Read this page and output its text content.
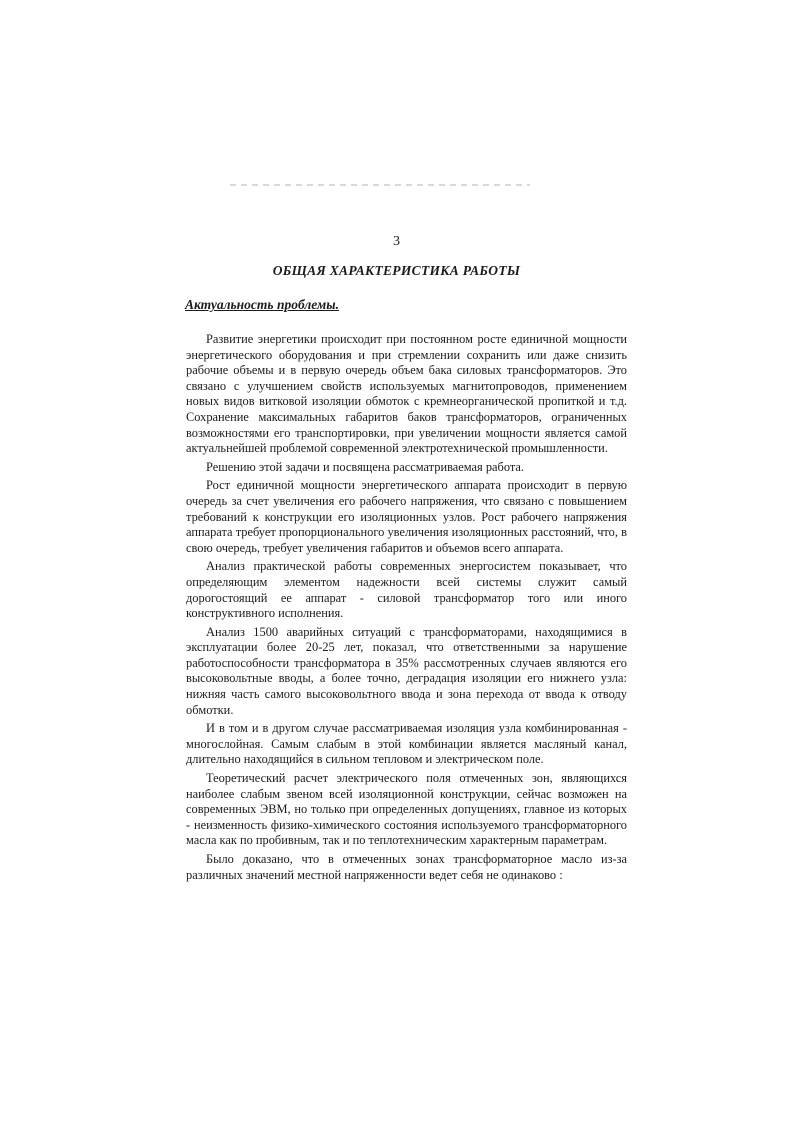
3
ОБЩАЯ ХАРАКТЕРИСТИКА РАБОТЫ
Актуальность проблемы.

Развитие энергетики происходит при постоянном росте единичной мощности энергетического оборудования и при стремлении сохранить или даже снизить рабочие объемы и в первую очередь объем бака силовых трансформаторов. Это связано с улучшением свойств используемых магнитопроводов, применением новых видов витковой изоляции обмоток с кремнеорганической пропиткой и т.д. Сохранение максимальных габаритов баков трансформаторов, ограниченных возможностями его транспортировки, при увеличении мощности является самой актуальнейшей проблемой современной электротехнической промышленности.

Решению этой задачи и посвящена рассматриваемая работа.

Рост единичной мощности энергетического аппарата происходит в первую очередь за счет увеличения его рабочего напряжения, что связано с повышением требований к конструкции его изоляционных узлов. Рост рабочего напряжения аппарата требует пропорционального увеличения изоляционных расстояний, что, в свою очередь, требует увеличения габаритов и объемов всего аппарата.

Анализ практической работы современных энергосистем показывает, что определяющим элементом надежности всей системы служит самый дорогостоящий ее аппарат - силовой трансформатор того или иного конструктивного исполнения.

Анализ 1500 аварийных ситуаций с трансформаторами, находящимися в эксплуатации более 20-25 лет, показал, что ответственными за нарушение работоспособности трансформатора в 35% рассмотренных случаев являются его высоковольтные вводы, а более точно, деградация изоляции его нижнего узла: нижняя часть самого высоковольтного ввода и зона перехода от ввода к отводу обмотки.

И в том и в другом случае рассматриваемая изоляция узла комбинированная - многослойная. Самым слабым в этой комбинации является масляный канал, длительно находящийся в сильном тепловом и электрическом поле.

Теоретический расчет электрического поля отмеченных зон, являющихся наиболее слабым звеном всей изоляционной конструкции, сейчас возможен на современных ЭВМ, но только при определенных допущениях, главное из которых - неизменность физико-химического состояния используемого трансформаторного масла как по пробивным, так и по теплотехническим характерным параметрам.

Было доказано, что в отмеченных зонах трансформаторное масло из-за различных значений местной напряженности ведет себя не одинаково :
